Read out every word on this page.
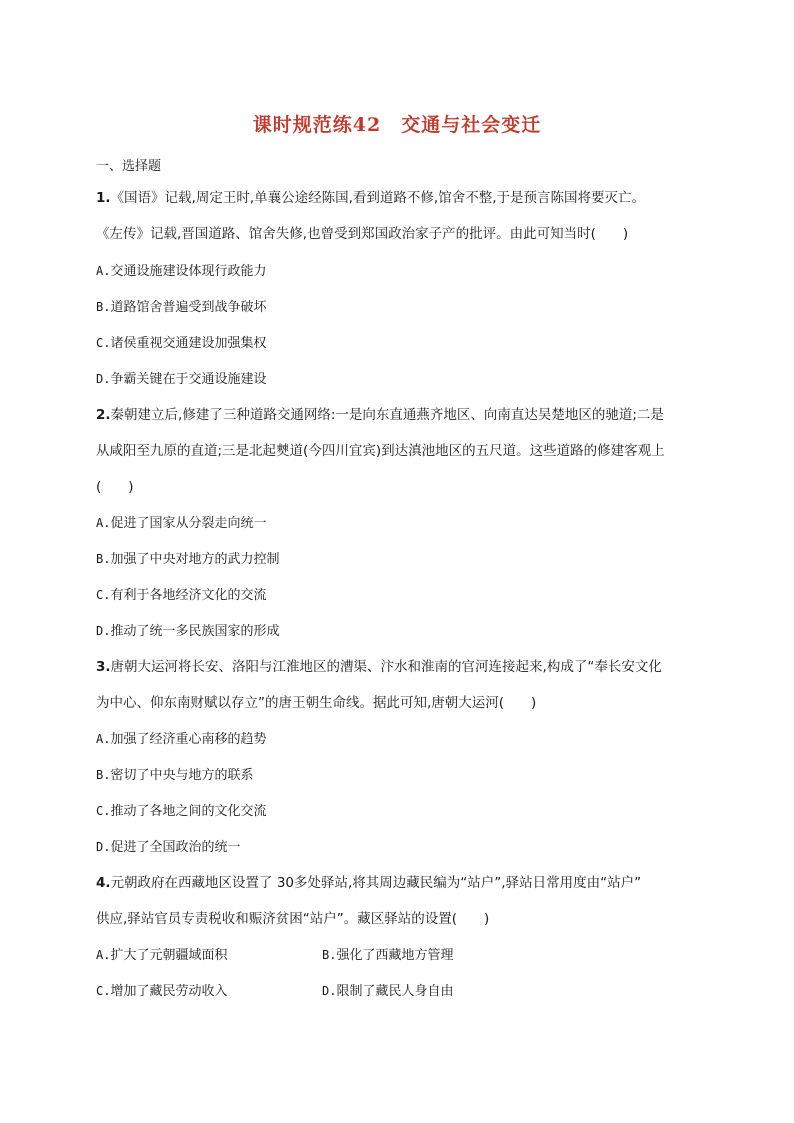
课时规范练42　交通与社会变迁
一、选择题
1.《国语》记载,周定王时,单襄公途经陈国,看到道路不修,馆舍不整,于是预言陈国将要灭亡。
《左传》记载,晋国道路、馆舍失修,也曾受到郑国政治家子产的批评。由此可知当时(　　)
A.交通设施建设体现行政能力
B.道路馆舍普遍受到战争破坏
C.诸侯重视交通建设加强集权
D.争霸关键在于交通设施建设
2.秦朝建立后,修建了三种道路交通网络:一是向东直通燕齐地区、向南直达吴楚地区的驰道;二是
从咸阳至九原的直道;三是北起僰道(今四川宜宾)到达滇池地区的五尺道。这些道路的修建客观上
(　　)
A.促进了国家从分裂走向统一
B.加强了中央对地方的武力控制
C.有利于各地经济文化的交流
D.推动了统一多民族国家的形成
3.唐朝大运河将长安、洛阳与江淮地区的漕渠、汴水和淮南的官河连接起来,构成了“奉长安文化
为中心、仰东南财赋以存立”的唐王朝生命线。据此可知,唐朝大运河(　　)
A.加强了经济重心南移的趋势
B.密切了中央与地方的联系
C.推动了各地之间的文化交流
D.促进了全国政治的统一
4.元朝政府在西藏地区设置了 30多处驿站,将其周边藏民编为“站户”,驿站日常用度由“站户”
供应,驿站官员专责税收和赈济贫困“站户”。藏区驿站的设置(　　)
A.扩大了元朝疆域面积	B.强化了西藏地方管理
C.增加了藏民劳动收入	D.限制了藏民人身自由
